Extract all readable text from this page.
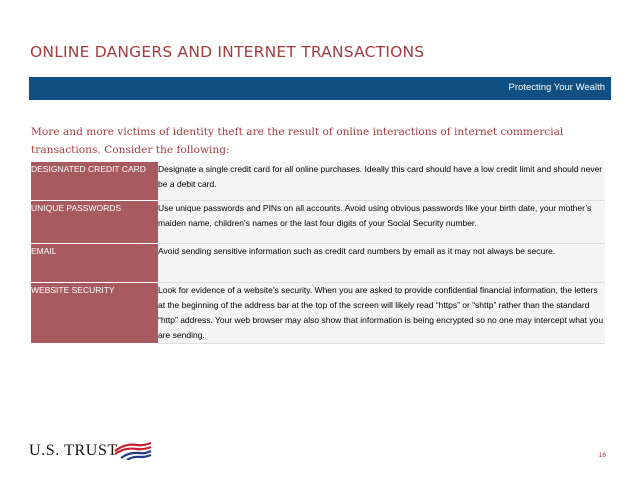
ONLINE DANGERS AND INTERNET TRANSACTIONS
Protecting Your Wealth
More and more victims of identity theft are the result of online interactions of internet commercial transactions. Consider the following:
DESIGNATED CREDIT CARD	Designate a single credit card for all online purchases. Ideally this card should have a low credit limit and should never be a debit card.
UNIQUE PASSWORDS	Use unique passwords and PINs on all accounts. Avoid using obvious passwords like your birth date, your mother’s maiden name, children's names or the last four digits of your Social Security number.
EMAIL	Avoid sending sensitive information such as credit card numbers by email as it may not always be secure.
WEBSITE SECURITY	Look for evidence of a website’s security. When you are asked to provide confidential financial information, the letters at the beginning of the address bar at the top of the screen will likely read “https” or “shttp” rather than the standard “http” address. Your web browser may also show that information is being encrypted so no one may intercept what you are sending.
U.S. TRUST	16
